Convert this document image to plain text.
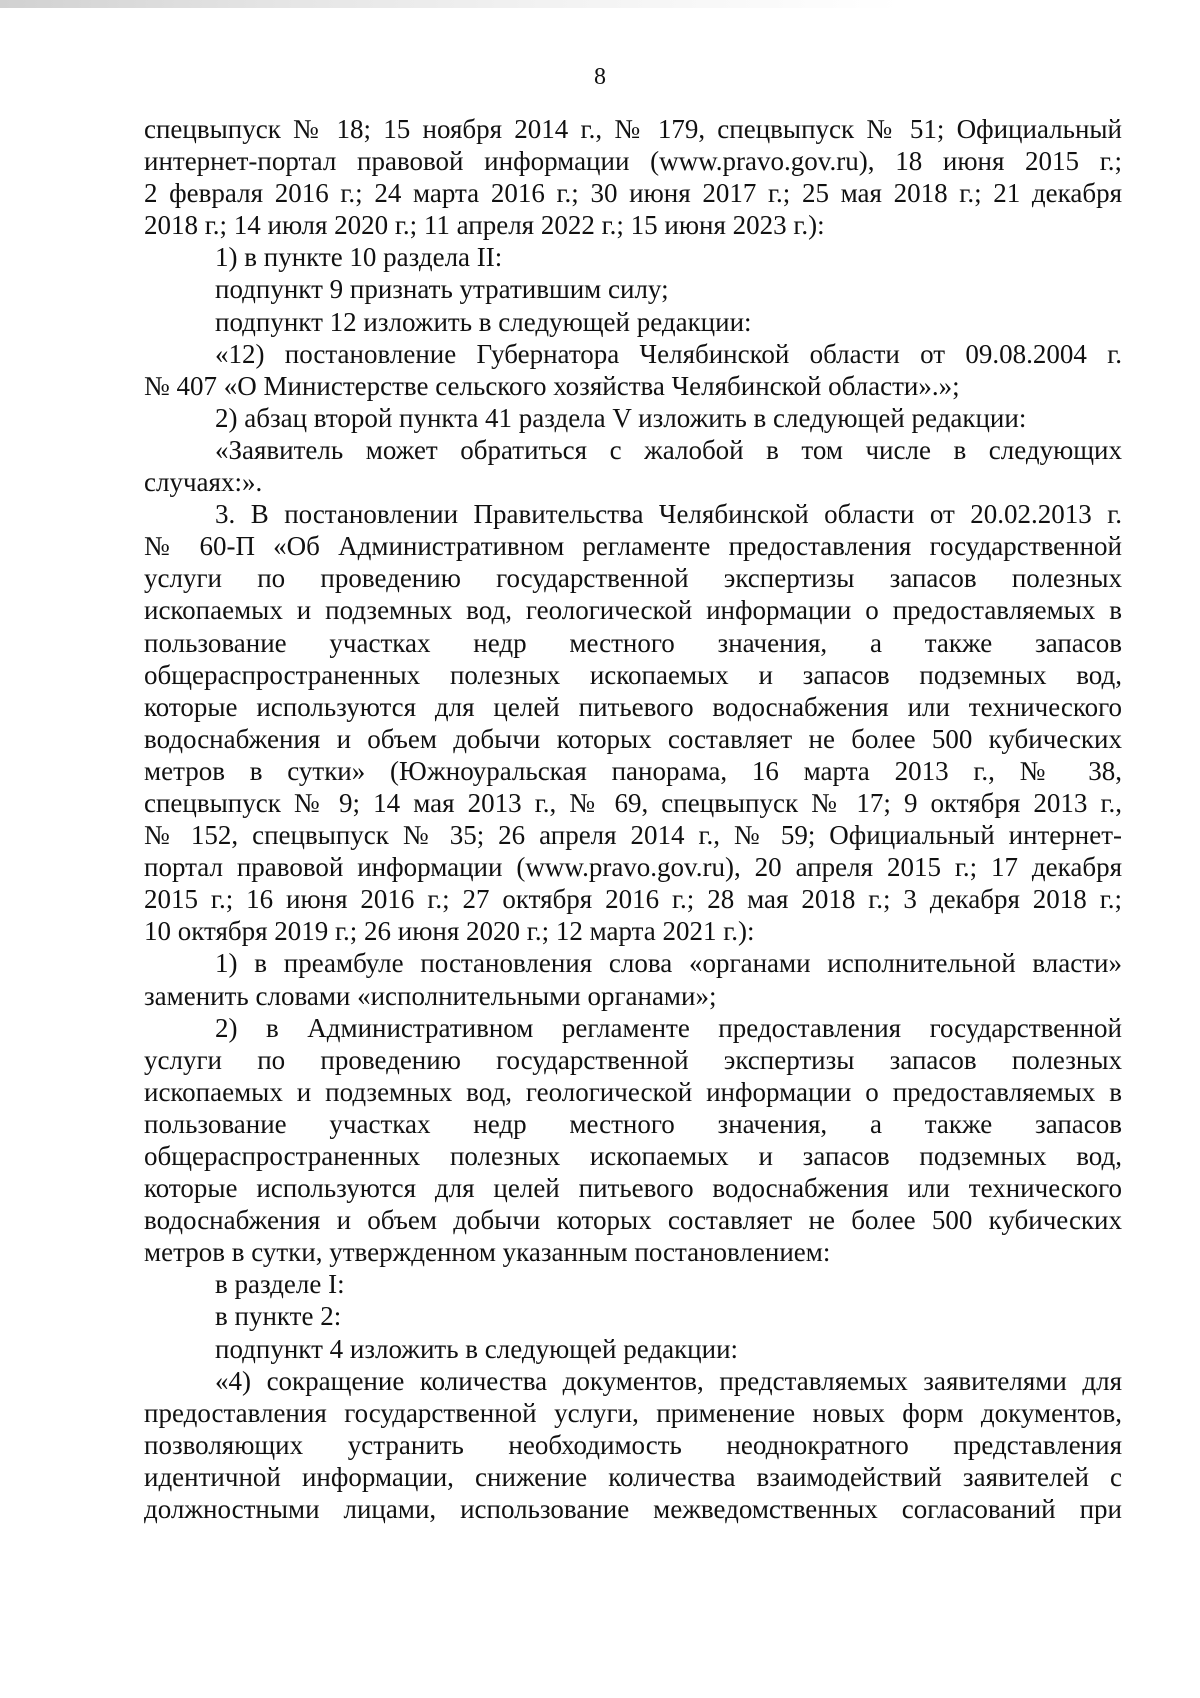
8
спецвыпуск № 18; 15 ноября 2014 г., № 179, спецвыпуск № 51; Официальный
интернет-портал правовой информации (www.pravo.gov.ru), 18 июня 2015 г.;
2 февраля 2016 г.; 24 марта 2016 г.; 30 июня 2017 г.; 25 мая 2018 г.; 21 декабря
2018 г.; 14 июля 2020 г.; 11 апреля 2022 г.; 15 июня 2023 г.):
1) в пункте 10 раздела II:
подпункт 9 признать утратившим силу;
подпункт 12 изложить в следующей редакции:
«12) постановление Губернатора Челябинской области от 09.08.2004 г.
№ 407 «О Министерстве сельского хозяйства Челябинской области».»;
2) абзац второй пункта 41 раздела V изложить в следующей редакции:
«Заявитель может обратиться с жалобой в том числе в следующих
случаях:».
3. В постановлении Правительства Челябинской области от 20.02.2013 г.
№ 60-П «Об Административном регламенте предоставления государственной
услуги по проведению государственной экспертизы запасов полезных
ископаемых и подземных вод, геологической информации о предоставляемых в
пользование участках недр местного значения, а также запасов
общераспространенных полезных ископаемых и запасов подземных вод,
которые используются для целей питьевого водоснабжения или технического
водоснабжения и объем добычи которых составляет не более 500 кубических
метров в сутки» (Южноуральская панорама, 16 марта 2013 г., № 38,
спецвыпуск № 9; 14 мая 2013 г., № 69, спецвыпуск № 17; 9 октября 2013 г.,
№ 152, спецвыпуск № 35; 26 апреля 2014 г., № 59; Официальный интернет-
портал правовой информации (www.pravo.gov.ru), 20 апреля 2015 г.; 17 декабря
2015 г.; 16 июня 2016 г.; 27 октября 2016 г.; 28 мая 2018 г.; 3 декабря 2018 г.;
10 октября 2019 г.; 26 июня 2020 г.; 12 марта 2021 г.):
1) в преамбуле постановления слова «органами исполнительной власти»
заменить словами «исполнительными органами»;
2) в Административном регламенте предоставления государственной
услуги по проведению государственной экспертизы запасов полезных
ископаемых и подземных вод, геологической информации о предоставляемых в
пользование участках недр местного значения, а также запасов
общераспространенных полезных ископаемых и запасов подземных вод,
которые используются для целей питьевого водоснабжения или технического
водоснабжения и объем добычи которых составляет не более 500 кубических
метров в сутки, утвержденном указанным постановлением:
в разделе I:
в пункте 2:
подпункт 4 изложить в следующей редакции:
«4) сокращение количества документов, представляемых заявителями для
предоставления государственной услуги, применение новых форм документов,
позволяющих устранить необходимость неоднократного представления
идентичной информации, снижение количества взаимодействий заявителей с
должностными лицами, использование межведомственных согласований при
